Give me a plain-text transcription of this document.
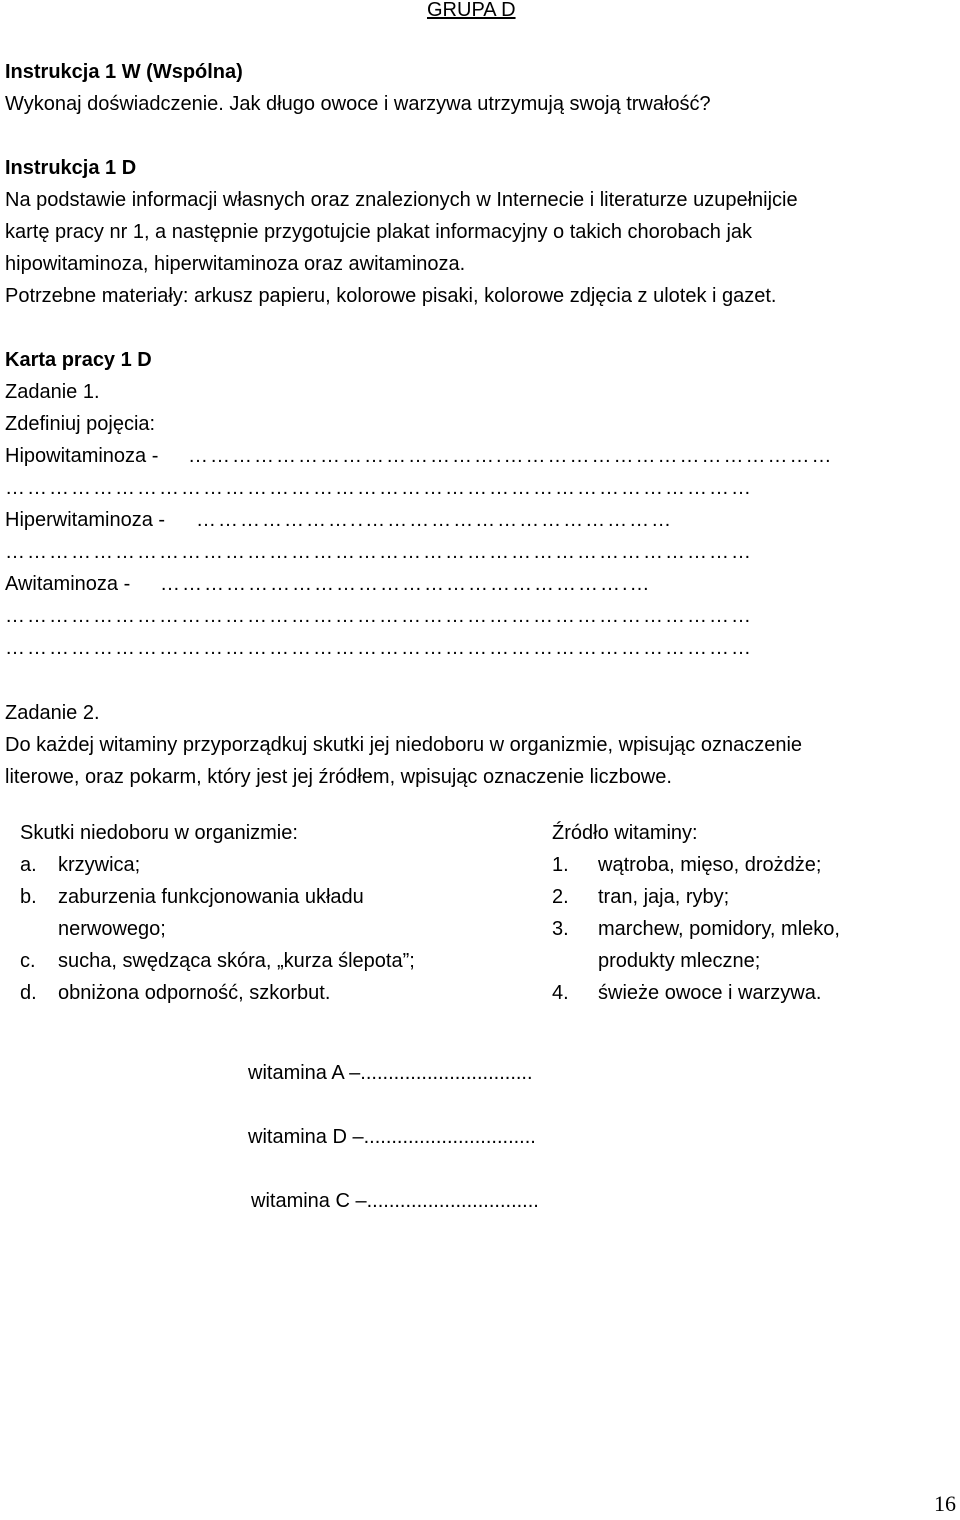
GRUPA D
Instrukcja 1 W (Wspólna)
Wykonaj doświadczenie. Jak długo owoce i warzywa utrzymują swoją trwałość?
Instrukcja 1 D
Na podstawie informacji własnych oraz znalezionych w Internecie i literaturze uzupełnijcie
kartę pracy nr 1, a następnie przygotujcie plakat informacyjny o takich chorobach jak
hipowitaminoza, hiperwitaminoza oraz awitaminoza.
Potrzebne materiały: arkusz papieru, kolorowe pisaki, kolorowe zdjęcia z ulotek i gazet.
Karta pracy 1 D
Zadanie 1.
Zdefiniuj pojęcia:
Hipowitaminoza - …………………………………….………………………………………
…………………………………………………………………………………………
Hiperwitaminoza - …………………..……………………………………
…………………………………………………………………………………………
Awitaminoza - ……………………………………………………….…
…………………………………………………………………………………………
…………………………………………………………………………………………
Zadanie 2.
Do każdej witaminy przyporządkuj skutki jej niedoboru w organizmie, wpisując oznaczenie
literowe, oraz pokarm, który jest jej źródłem, wpisując oznaczenie liczbowe.
Skutki niedoboru w organizmie:
a. krzywica;
b. zaburzenia funkcjonowania układu
nerwowego;
c. sucha, swędząca skóra, „kurza ślepota”;
d. obniżona odporność, szkorbut.
Źródło witaminy:
1. wątroba, mięso, drożdże;
2. tran, jaja, ryby;
3. marchew, pomidory, mleko,
produkty mleczne;
4. świeże owoce i warzywa.
witamina A –...............................
witamina D –...............................
witamina C –...............................
16
